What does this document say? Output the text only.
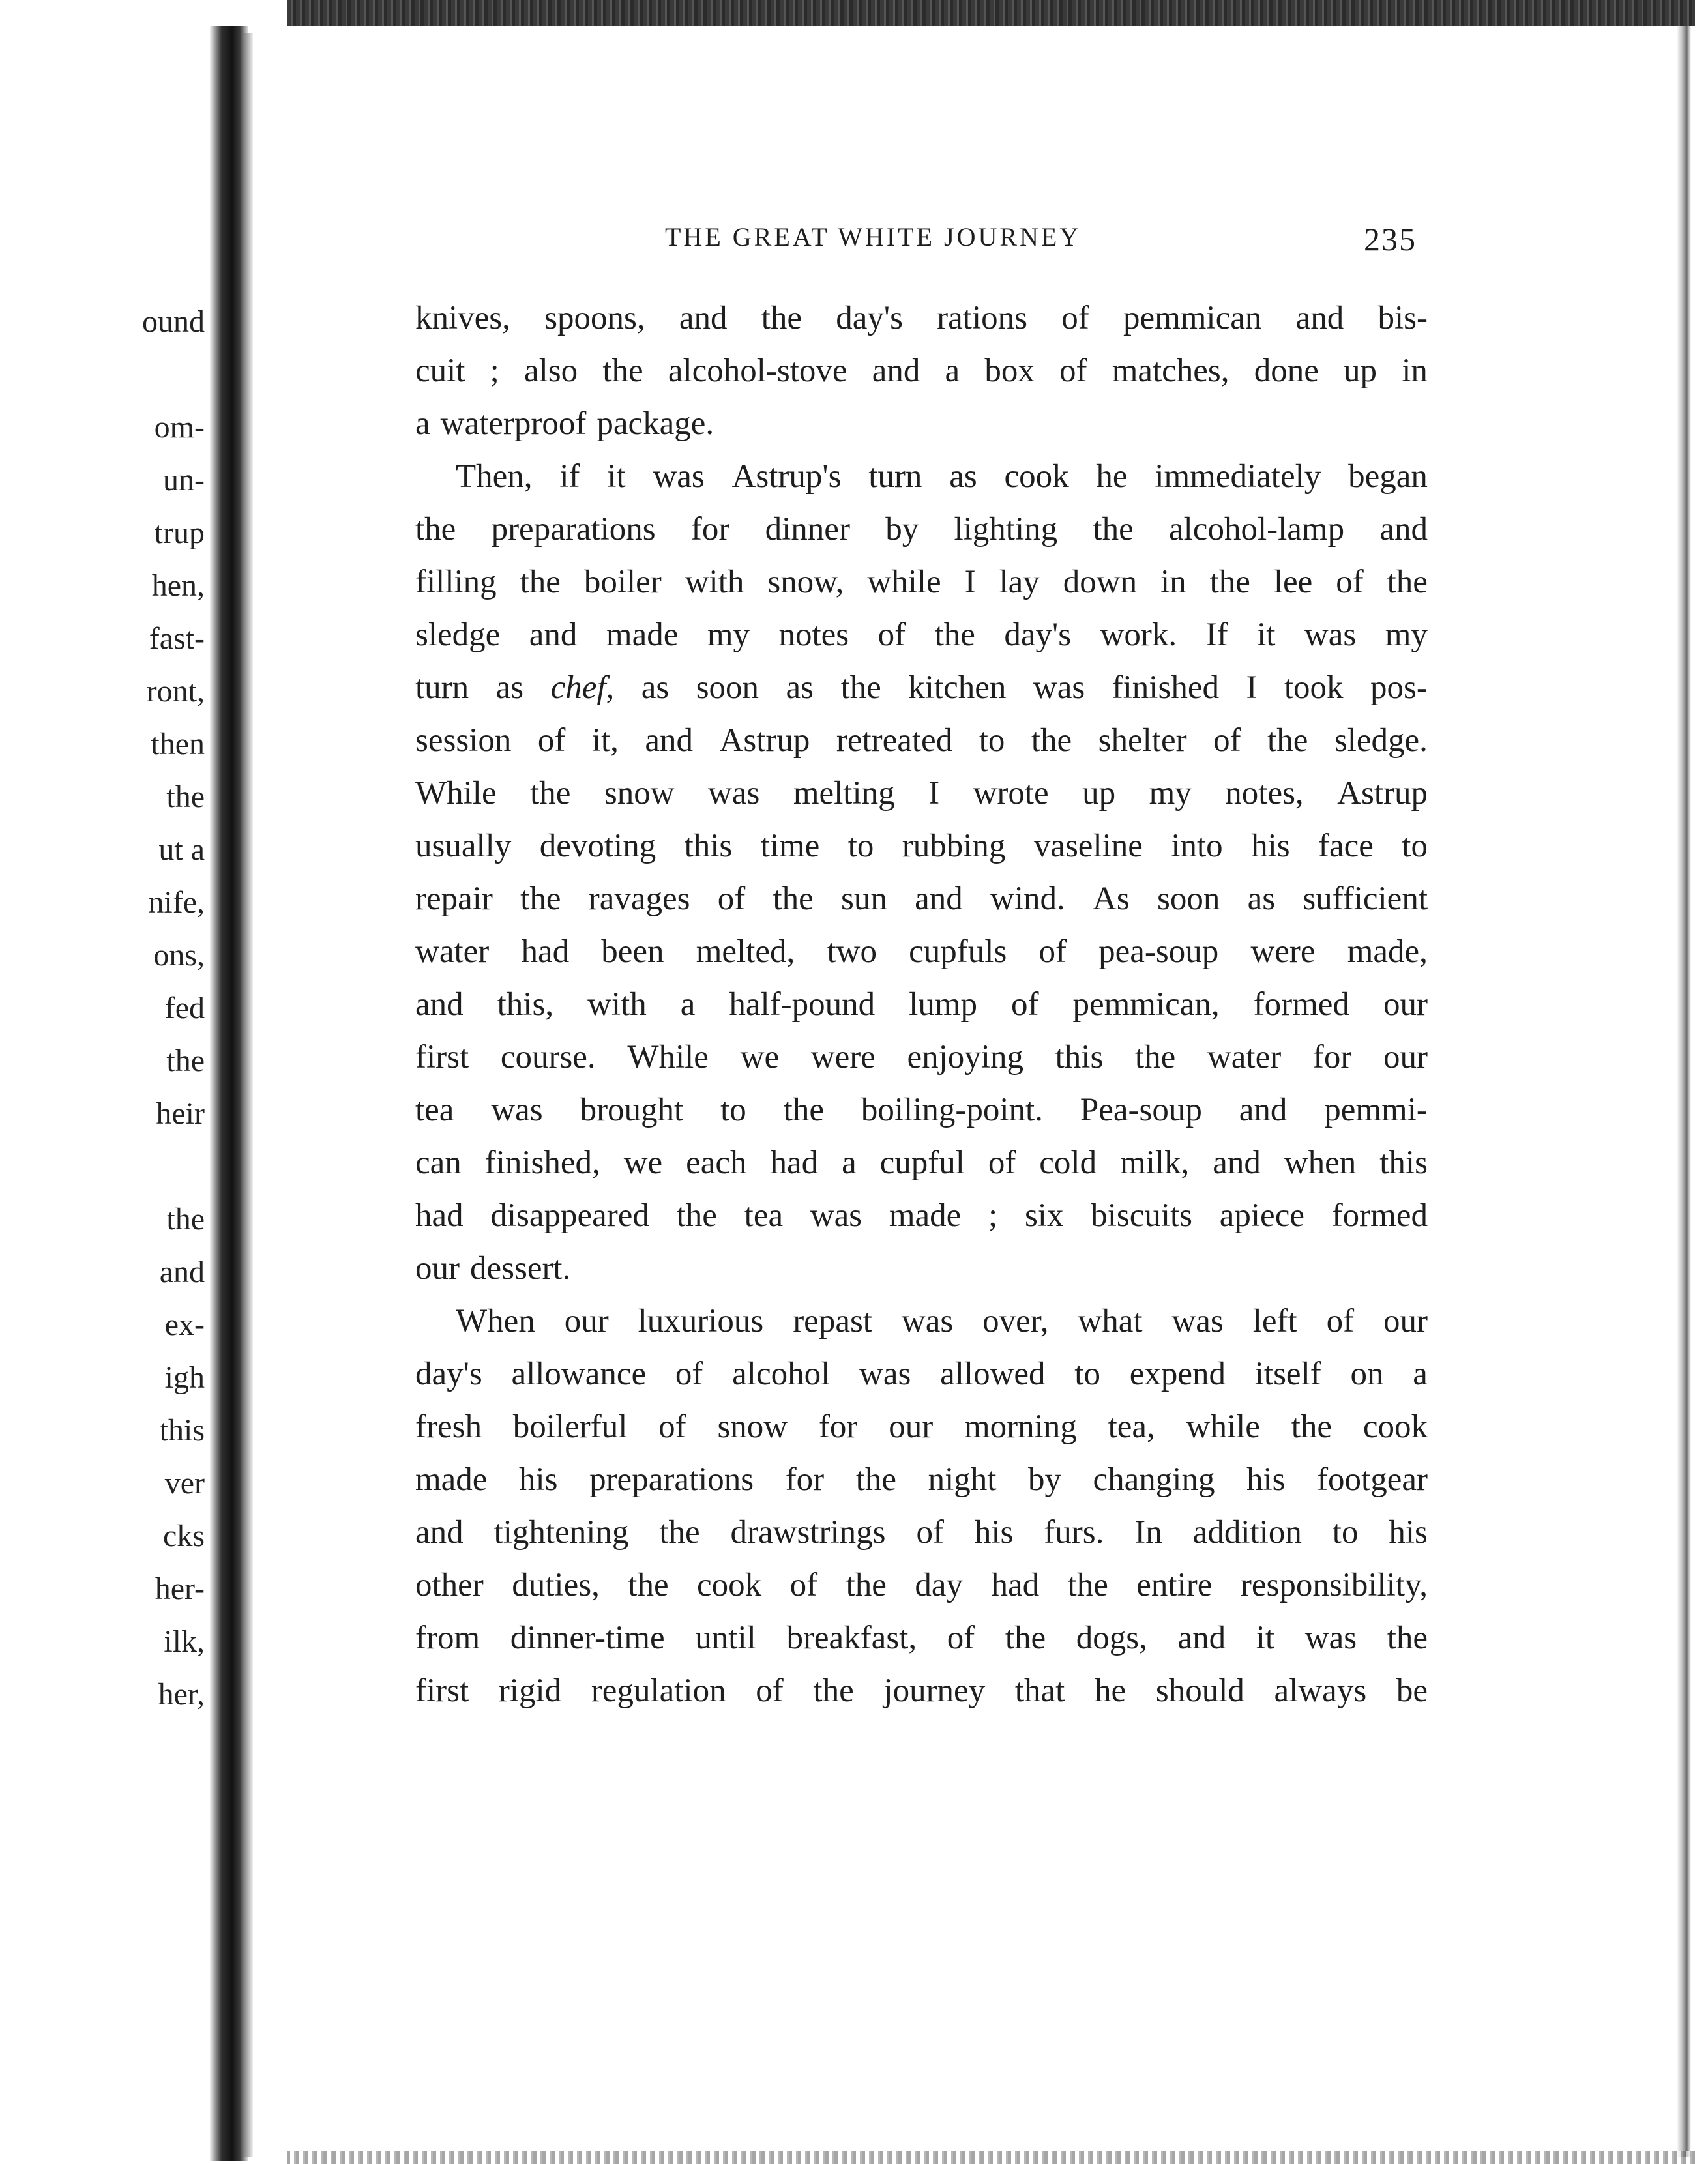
ound
om-
un-
trup
hen,
fast-
ront,
then
the
ut a
nife,
ons,
fed
the
heir
the
and
ex-
igh
this
ver
cks
her-
ilk,
her,
THE GREAT WHITE JOURNEY	235
knives, spoons, and the day's rations of pemmican and bis-
cuit ; also the alcohol-stove and a box of matches, done up in
a waterproof package.
Then, if it was Astrup's turn as cook he immediately began
the preparations for dinner by lighting the alcohol-lamp and
filling the boiler with snow, while I lay down in the lee of the
sledge and made my notes of the day's work. If it was my
turn as chef, as soon as the kitchen was finished I took pos-
session of it, and Astrup retreated to the shelter of the sledge.
While the snow was melting I wrote up my notes, Astrup
usually devoting this time to rubbing vaseline into his face to
repair the ravages of the sun and wind. As soon as sufficient
water had been melted, two cupfuls of pea-soup were made,
and this, with a half-pound lump of pemmican, formed our
first course. While we were enjoying this the water for our
tea was brought to the boiling-point. Pea-soup and pemmi-
can finished, we each had a cupful of cold milk, and when this
had disappeared the tea was made ; six biscuits apiece formed
our dessert.
When our luxurious repast was over, what was left of our
day's allowance of alcohol was allowed to expend itself on a
fresh boilerful of snow for our morning tea, while the cook
made his preparations for the night by changing his footgear
and tightening the drawstrings of his furs. In addition to his
other duties, the cook of the day had the entire responsibility,
from dinner-time until breakfast, of the dogs, and it was the
first rigid regulation of the journey that he should always be
